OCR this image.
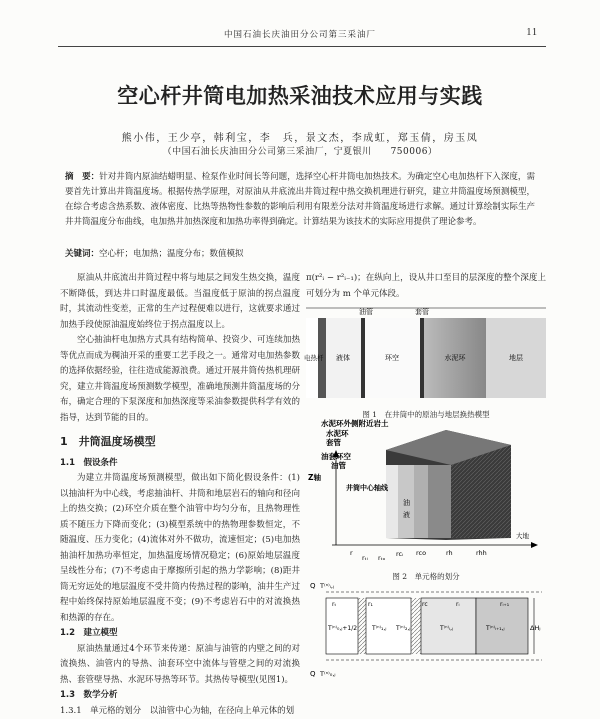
中国石油长庆油田分公司第三采油厂	11
空心杆井筒电加热采油技术应用与实践
熊小伟，王少亭，韩利宝，李　兵，景文杰，李成虹，郑玉倩，房玉凤
（中国石油长庆油田分公司第三采油厂，宁夏银川　　750006）
摘　要：针对井筒内原油结蜡明显、检泵作业时间长等问题，选择空心杆井筒电加热技术。为确定空心电加热杆下入深度，需要首先计算出井筒温度场。根据传热学原理，对原油从井底流出井筒过程中热交换机理进行研究，建立井筒温度场预测模型，在综合考虑含热系数、液体密度、比热等热物性参数的影响后利用有限差分法对井筒温度场进行求解。通过计算绘制实际生产井井筒温度分布曲线，电加热井加热深度和加热功率得到确定。计算结果为该技术的实际应用提供了理论参考。
关键词：空心杆；电加热；温度分布；数值模拟

原油从井底流出井筒过程中将与地层之间发生热交换，温度不断降低，到达井口时温度最低。当温度低于原油的拐点温度时，其流动性变差，正常的生产过程便难以进行，这就要求通过加热手段使原油温度始终位于拐点温度以上。

空心抽油杆电加热方式具有结构简单、投资少、可连续加热等优点而成为稠油开采的重要工艺手段之一。通常对电加热参数的选择依据经验，往往造成能源浪费。通过开展井筒传热机理研究，建立井筒温度场预测数学模型，准确地预测井筒温度场的分布，确定合理的下泵深度和加热深度等采油参数提供科学有效的指导，达到节能的目的。

1　井筒温度场模型
1.1　假设条件

为建立井筒温度场预测模型，做出如下简化假设条件：(1)以抽油杆为中心线，考虑抽油杆、井筒和地层岩石的轴向和径向上的热交换；(2)环空介质在整个油管中均匀分布，且热物理性质不随压力下降而变化；(3)模型系统中的热物理参数恒定，不随温度、压力变化；(4)流体对外不做功，流速恒定；(5)电加热抽油杆加热功率恒定，加热温度场情况稳定；(6)原始地层温度呈线性分布；(7)不考虑由于摩擦所引起的热力学影响；(8)距井筒无穷远处的地层温度不受井筒内传热过程的影响，油井生产过程中始终保持原始地层温度不变；(9)不考虑岩石中的对流换热和热源的存在。

1.2　建立模型

原油热量通过4个环节来传递：原油与油管的内壁之间的对流换热、油管内的导热、油套环空中流体与管壁之间的对流换热、套管壁导热、水泥环导热等环节。其热传导模型(见图1)。

1.3　数学分析

1.3.1　单元格的划分　以油管中心为轴，在径向上单元体的划

π(r²ᵢ − r²ᵢ₋₁)；在纵向上，设从井口至目的层深度的整个深度上可划分为 m 个单元体段。
油管	套管
电热杆 液体	环空	水泥环	地层
图 1　在井筒中的原油与地层换热模型
水泥环外侧附近岩土
水泥环
套管
油套环空
油管
Z轴
井筒中心轴线
油
液
r
rₜᵢ rₜₒ rcᵢ rco	rh	rhh
大地
图 2　单元格的划分
Q T⁽ⁿ⁾ᵢ,ⱼ
rₜ	r₁	rc	rᵢ	rᵢ₊₁
T⁽ⁿ⁾₀,ⱼ+1/2 T⁽ⁿ⁾₁,ⱼ T⁽ⁿ⁾₂,ⱼ	T⁽ⁿ⁾ᵢ,ⱼ	T⁽ⁿ⁾ᵢ₊₁,ⱼ	ΔHⱼ
Q T⁽ⁿ⁾₀,ⱼ
